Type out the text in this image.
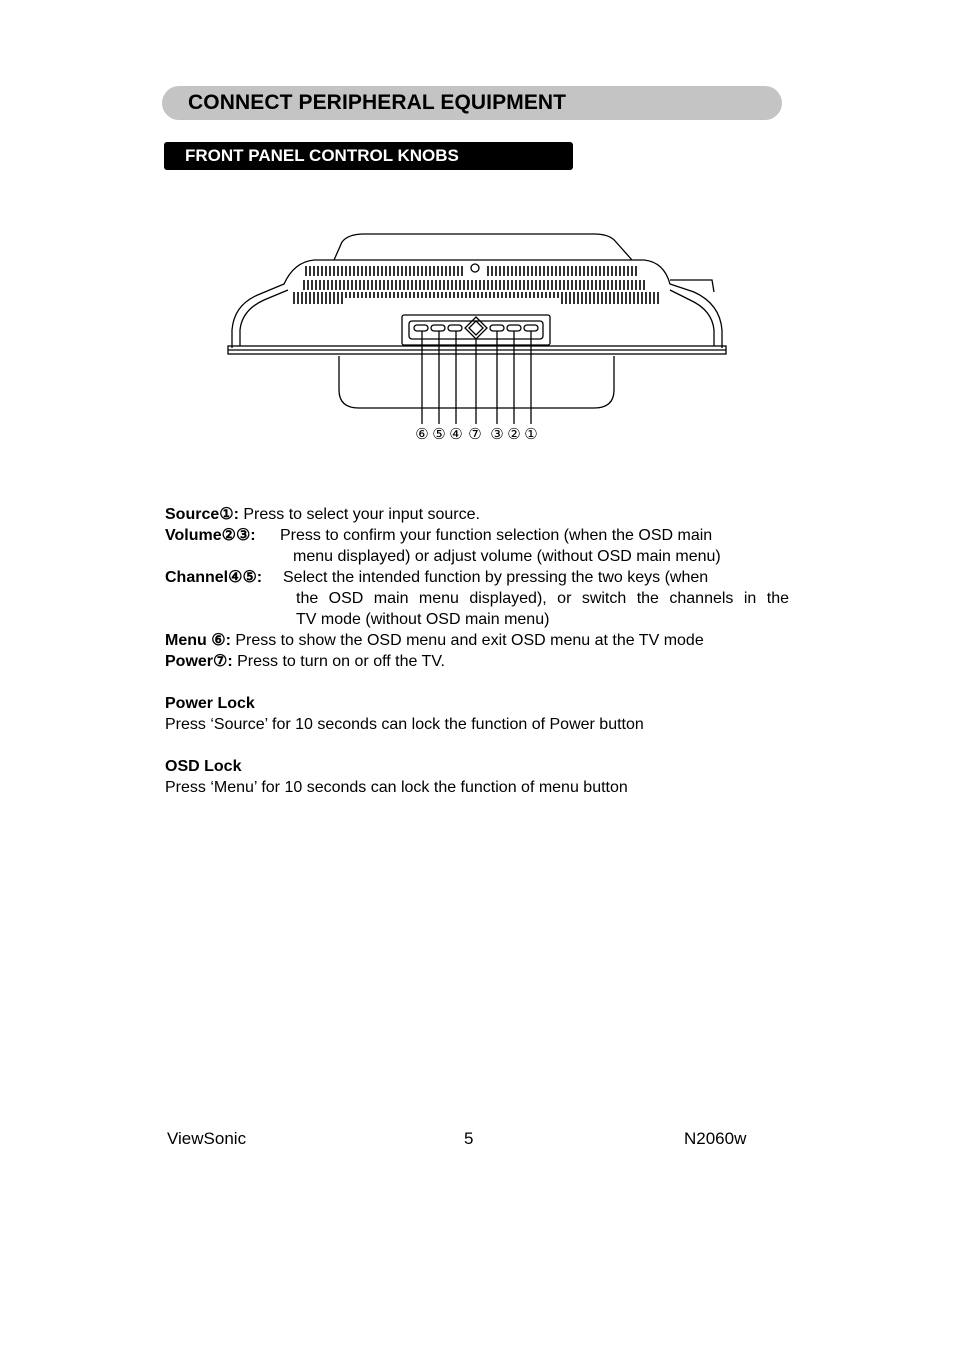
CONNECT PERIPHERAL EQUIPMENT
FRONT PANEL CONTROL KNOBS
⑥ ⑤ ④ ⑦ ③ ② ①
Source①: Press to select your input source.
Volume②③:	Press to confirm your function selection (when the OSD main
menu displayed) or adjust volume (without OSD main menu)
Channel④⑤:	Select the intended function by pressing the two keys (when
the OSD main menu displayed), or switch the channels in the
TV mode (without OSD main menu)
Menu ⑥: Press to show the OSD menu and exit OSD menu at the TV mode
Power⑦: Press to turn on or off the TV.
Power Lock
Press ‘Source’ for 10 seconds can lock the function of Power button
OSD Lock
Press ‘Menu’ for 10 seconds can lock the function of menu button
ViewSonic	5	N2060w
